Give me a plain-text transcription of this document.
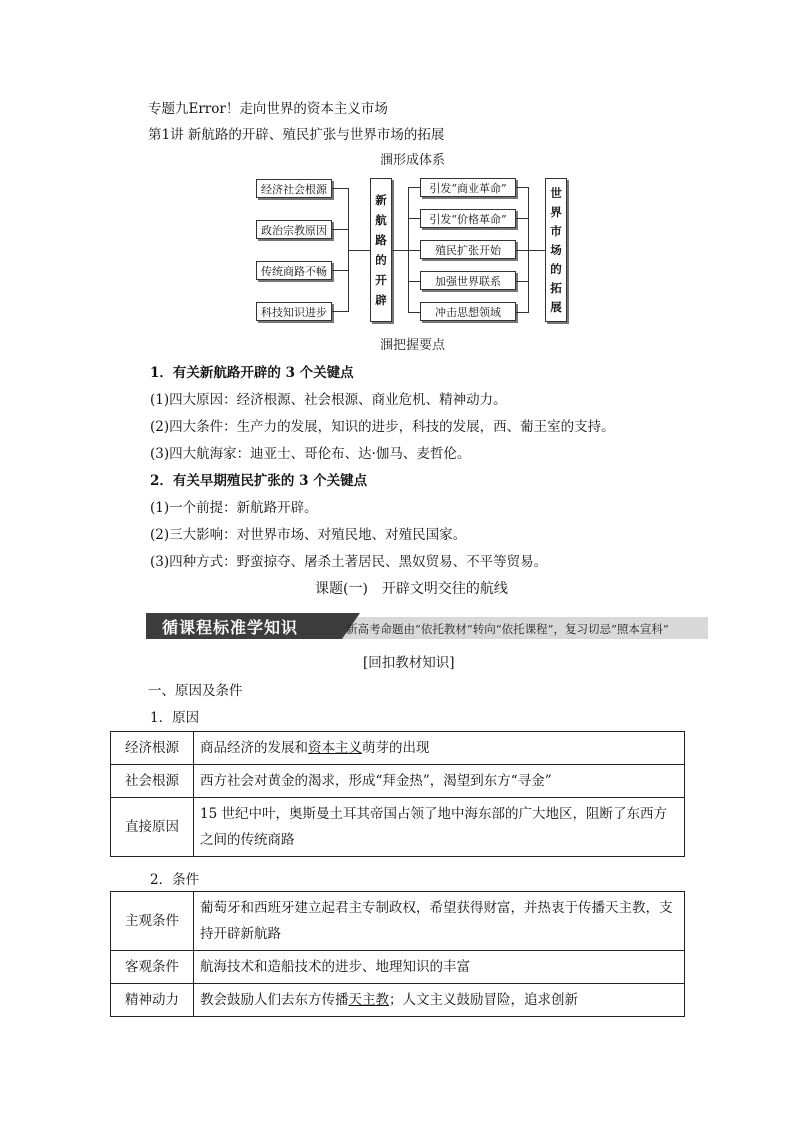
专题九Error！走向世界的资本主义市场
第1讲 新航路的开辟、殖民扩张与世界市场的拓展
涠形成体系
经济社会根源
政治宗教原因
传统商路不畅
科技知识进步
新
航
路
的
开
辟
引发“商业革命”
引发“价格革命”
殖民扩张开始
加强世界联系
冲击思想领域
世
界
市
场
的
拓
展
涠把握要点
1．有关新航路开辟的 3 个关键点
(1)四大原因：经济根源、社会根源、商业危机、精神动力。
(2)四大条件：生产力的发展，知识的进步，科技的发展，西、葡王室的支持。
(3)四大航海家：迪亚士、哥伦布、达·伽马、麦哲伦。
2．有关早期殖民扩张的 3 个关键点
(1)一个前提：新航路开辟。
(2)三大影响：对世界市场、对殖民地、对殖民国家。
(3)四种方式：野蛮掠夺、屠杀土著居民、黑奴贸易、不平等贸易。
课题(一)　开辟文明交往的航线
循课程标准学知识	新高考命题由“依托教材”转向“依托课程”，复习切忌“照本宣科”
[回扣教材知识]
一、原因及条件
1．原因
经济根源	商品经济的发展和资本主义萌芽的出现
社会根源	西方社会对黄金的渴求，形成“拜金热”，渴望到东方“寻金”
直接原因	15 世纪中叶，奥斯曼土耳其帝国占领了地中海东部的广大地区，阻断了东西方之间的传统商路
2．条件
主观条件	葡萄牙和西班牙建立起君主专制政权，希望获得财富，并热衷于传播天主教，支持开辟新航路
客观条件	航海技术和造船技术的进步、地理知识的丰富
精神动力	教会鼓励人们去东方传播天主教；人文主义鼓励冒险，追求创新
